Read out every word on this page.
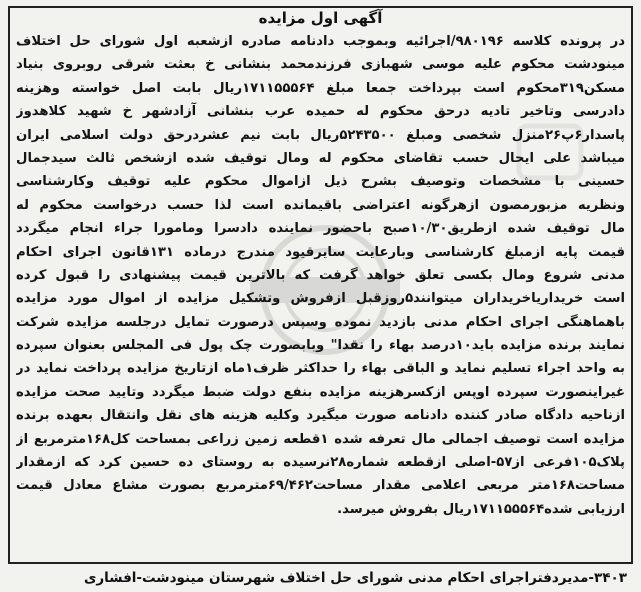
آگهی اول مزایده
در پرونده کلاسه ۹۸۰۱۹۶/اجرائیه وبموجب دادنامه صادره ازشعبه اول شورای حل اختلاف
مینودشت محکوم علیه موسی شهبازی فرزندمحمد بنشانی خ بعثت شرقی روبروی بنیاد
مسکن۳۱۹محکوم است بپرداخت جمعا مبلغ ۱۷۱۱۵۵۵۶۴ریال بابت اصل خواسته وهزینه
دادرسی وتاخیر تادیه درحق محکوم له حمیده عرب بنشانی آزادشهر خ شهید کلاهدوز
پاسدار۶پ۲۶منزل شخصی ومبلغ ۵۲۴۳۵۰۰ریال بابت نیم عشردرحق دولت اسلامی ایران
میباشد علی ایحال حسب تقاضای محکوم له ومال توقیف شده ازشخص ثالث سیدجمال
حسینی با مشخصات وتوصیف بشرح ذیل ازاموال محکوم علیه توقیف وکارشناسی
ونظریه مزبورمصون ازهرگونه اعتراضی باقیمانده است لذا حسب درخواست محکوم له
مال توقیف شده ازطریق۱۰/۳۰صبح باحضور نماینده دادسرا ومامورا جراء انجام میگردد
قیمت پایه ازمبلغ کارشناسی وبارعایت سایرقیود مندرج درماده ۱۳۱قانون اجرای احکام
مدنی شروع ومال بکسی تعلق خواهد گرفت که بالاترین قیمت پیشنهادی را قبول کرده
است خریداریاخریداران میتوانند۵روزقبل ازفروش وتشکیل مزایده از اموال مورد مزایده
باهماهنگی اجرای احکام مدنی بازدید نموده وسپس درصورت تمایل درجلسه مزایده شرکت
نمایند برنده مزایده باید۱۰درصد بهاء را نقدا" وبابصورت چک پول فی المجلس بعنوان سپرده
به واحد اجراء تسلیم نماید و الباقی بهاء را حداکثر ظرف۱ماه ازتاریخ مزایده پرداخت نماید در
غیراینصورت سپرده اوپس ازکسرهزینه مزایده بنفع دولت ضبط میگردد وتایید صحت مزایده
ازناحیه دادگاه صادر کننده دادنامه صورت میگیرد وکلیه هزینه های نقل وانتقال بعهده برنده
مزایده است توصیف اجمالی مال تعرفه شده ۱قطعه زمین زراعی بمساحت کل۱۶۸مترمربع از
پلاک۱۰۵فرعی از۵۷-اصلی ازقطعه شماره۲۸نرسیده به روستای ده حسین کرد که ازمقدار
مساحت۱۶۸متر مربعی اعلامی مقدار مساحت۶۹/۴۶۲مترمربع بصورت مشاع معادل قیمت
ارزیابی شده۱۷۱۱۵۵۵۶۴ریال بفروش میرسد.
۳۴۰۳-مدیردفتراجرای احکام مدنی شورای حل اختلاف شهرستان مینودشت-افشاری
